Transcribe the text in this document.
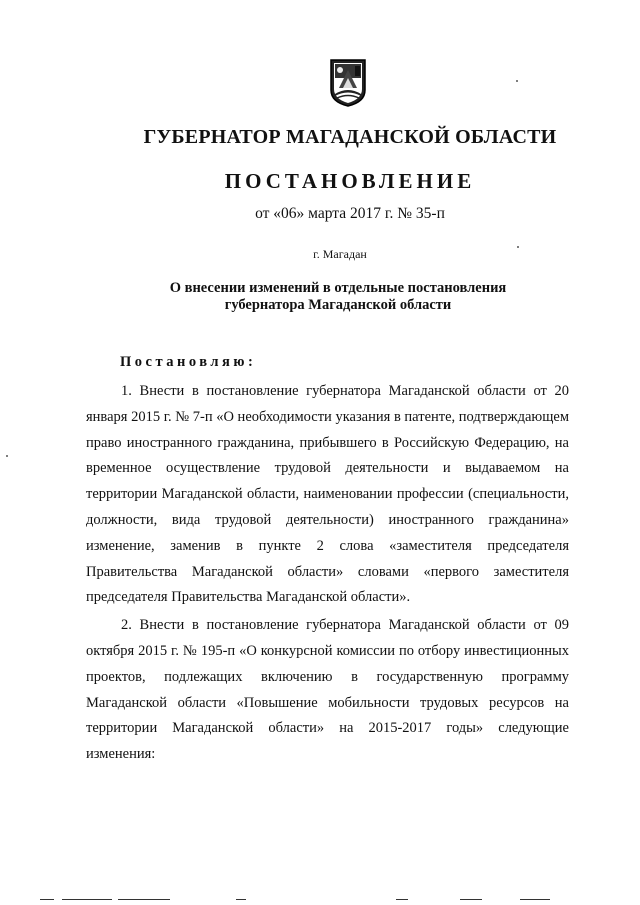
ГУБЕРНАТОР МАГАДАНСКОЙ ОБЛАСТИ
ПОСТАНОВЛЕНИЕ
от «06» марта 2017 г. № 35-п
г. Магадан
О внесении изменений в отдельные постановления
губернатора Магаданской области
Постановляю:

1. Внести в постановление губернатора Магаданской области от 20 января 2015 г. № 7-п «О необходимости указания в патенте, подтверждающем право иностранного гражданина, прибывшего в Российскую Федерацию, на временное осуществление трудовой деятельности и выдаваемом на территории Магаданской области, наименовании профессии (специальности, должности, вида трудовой деятельности) иностранного гражданина» изменение, заменив в пункте 2 слова «заместителя председателя Правительства Магаданской области» словами «первого заместителя председателя Правительства Магаданской области».

2. Внести в постановление губернатора Магаданской области от 09 октября 2015 г. № 195-п «О конкурсной комиссии по отбору инвестиционных проектов, подлежащих включению в государственную программу Магаданской области «Повышение мобильности трудовых ресурсов на территории Магаданской области» на 2015-2017 годы» следующие изменения:
